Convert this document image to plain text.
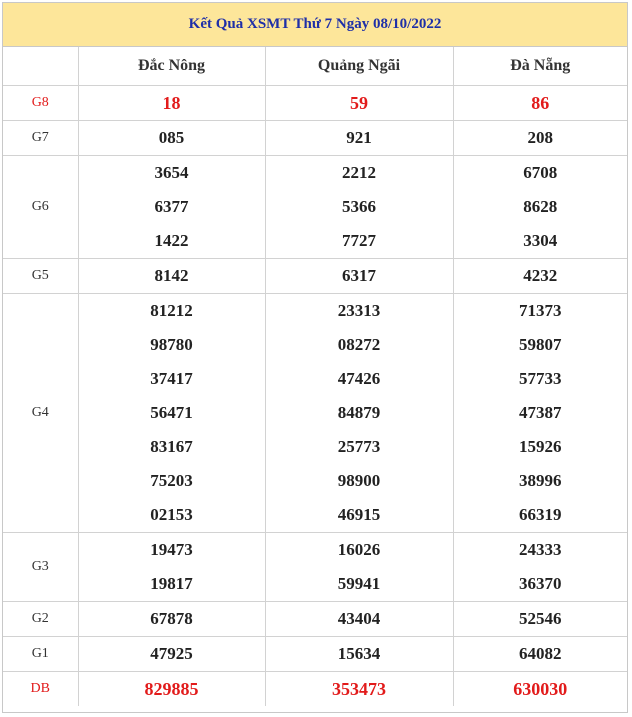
Kết Quả XSMT Thứ 7 Ngày 08/10/2022
	Đắc Nông	Quảng Ngãi	Đà Nẵng
G8	18	59	86
G7	085	921	208
G6	3654	2212	6708
	6377	5366	8628
	1422	7727	3304
G5	8142	6317	4232
G4	81212	23313	71373
	98780	08272	59807
	37417	47426	57733
	56471	84879	47387
	83167	25773	15926
	75203	98900	38996
	02153	46915	66319
G3	19473	16026	24333
	19817	59941	36370
G2	67878	43404	52546
G1	47925	15634	64082
DB	829885	353473	630030
